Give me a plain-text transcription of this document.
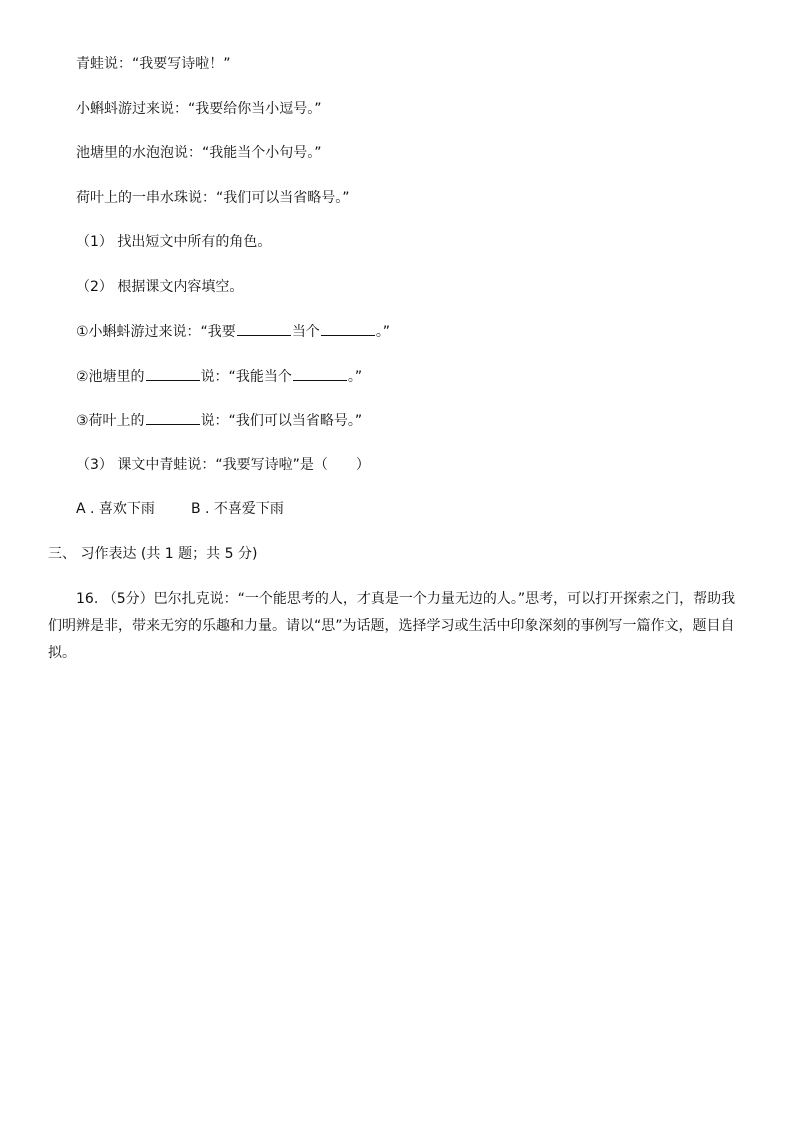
青蛙说：“我要写诗啦！”
小蝌蚪游过来说：“我要给你当小逗号。”
池塘里的水泡泡说：“我能当个小句号。”
荷叶上的一串水珠说：“我们可以当省略号。”
（1） 找出短文中所有的角色。
（2） 根据课文内容填空。
①小蝌蚪游过来说：“我要	当个	。”
②池塘里的	说：“我能当个	。”
③荷叶上的	说：“我们可以当省略号。”
（3） 课文中青蛙说：“我要写诗啦”是（　　）
A . 喜欢下雨	B . 不喜爱下雨
三、 习作表达 (共 1 题；共 5 分)
16. （5分）巴尔扎克说：“一个能思考的人，才真是一个力量无边的人。”思考，可以打开探索之门，帮助我们明辨是非，带来无穷的乐趣和力量。请以“思”为话题，选择学习或生活中印象深刻的事例写一篇作文，题目自拟。
